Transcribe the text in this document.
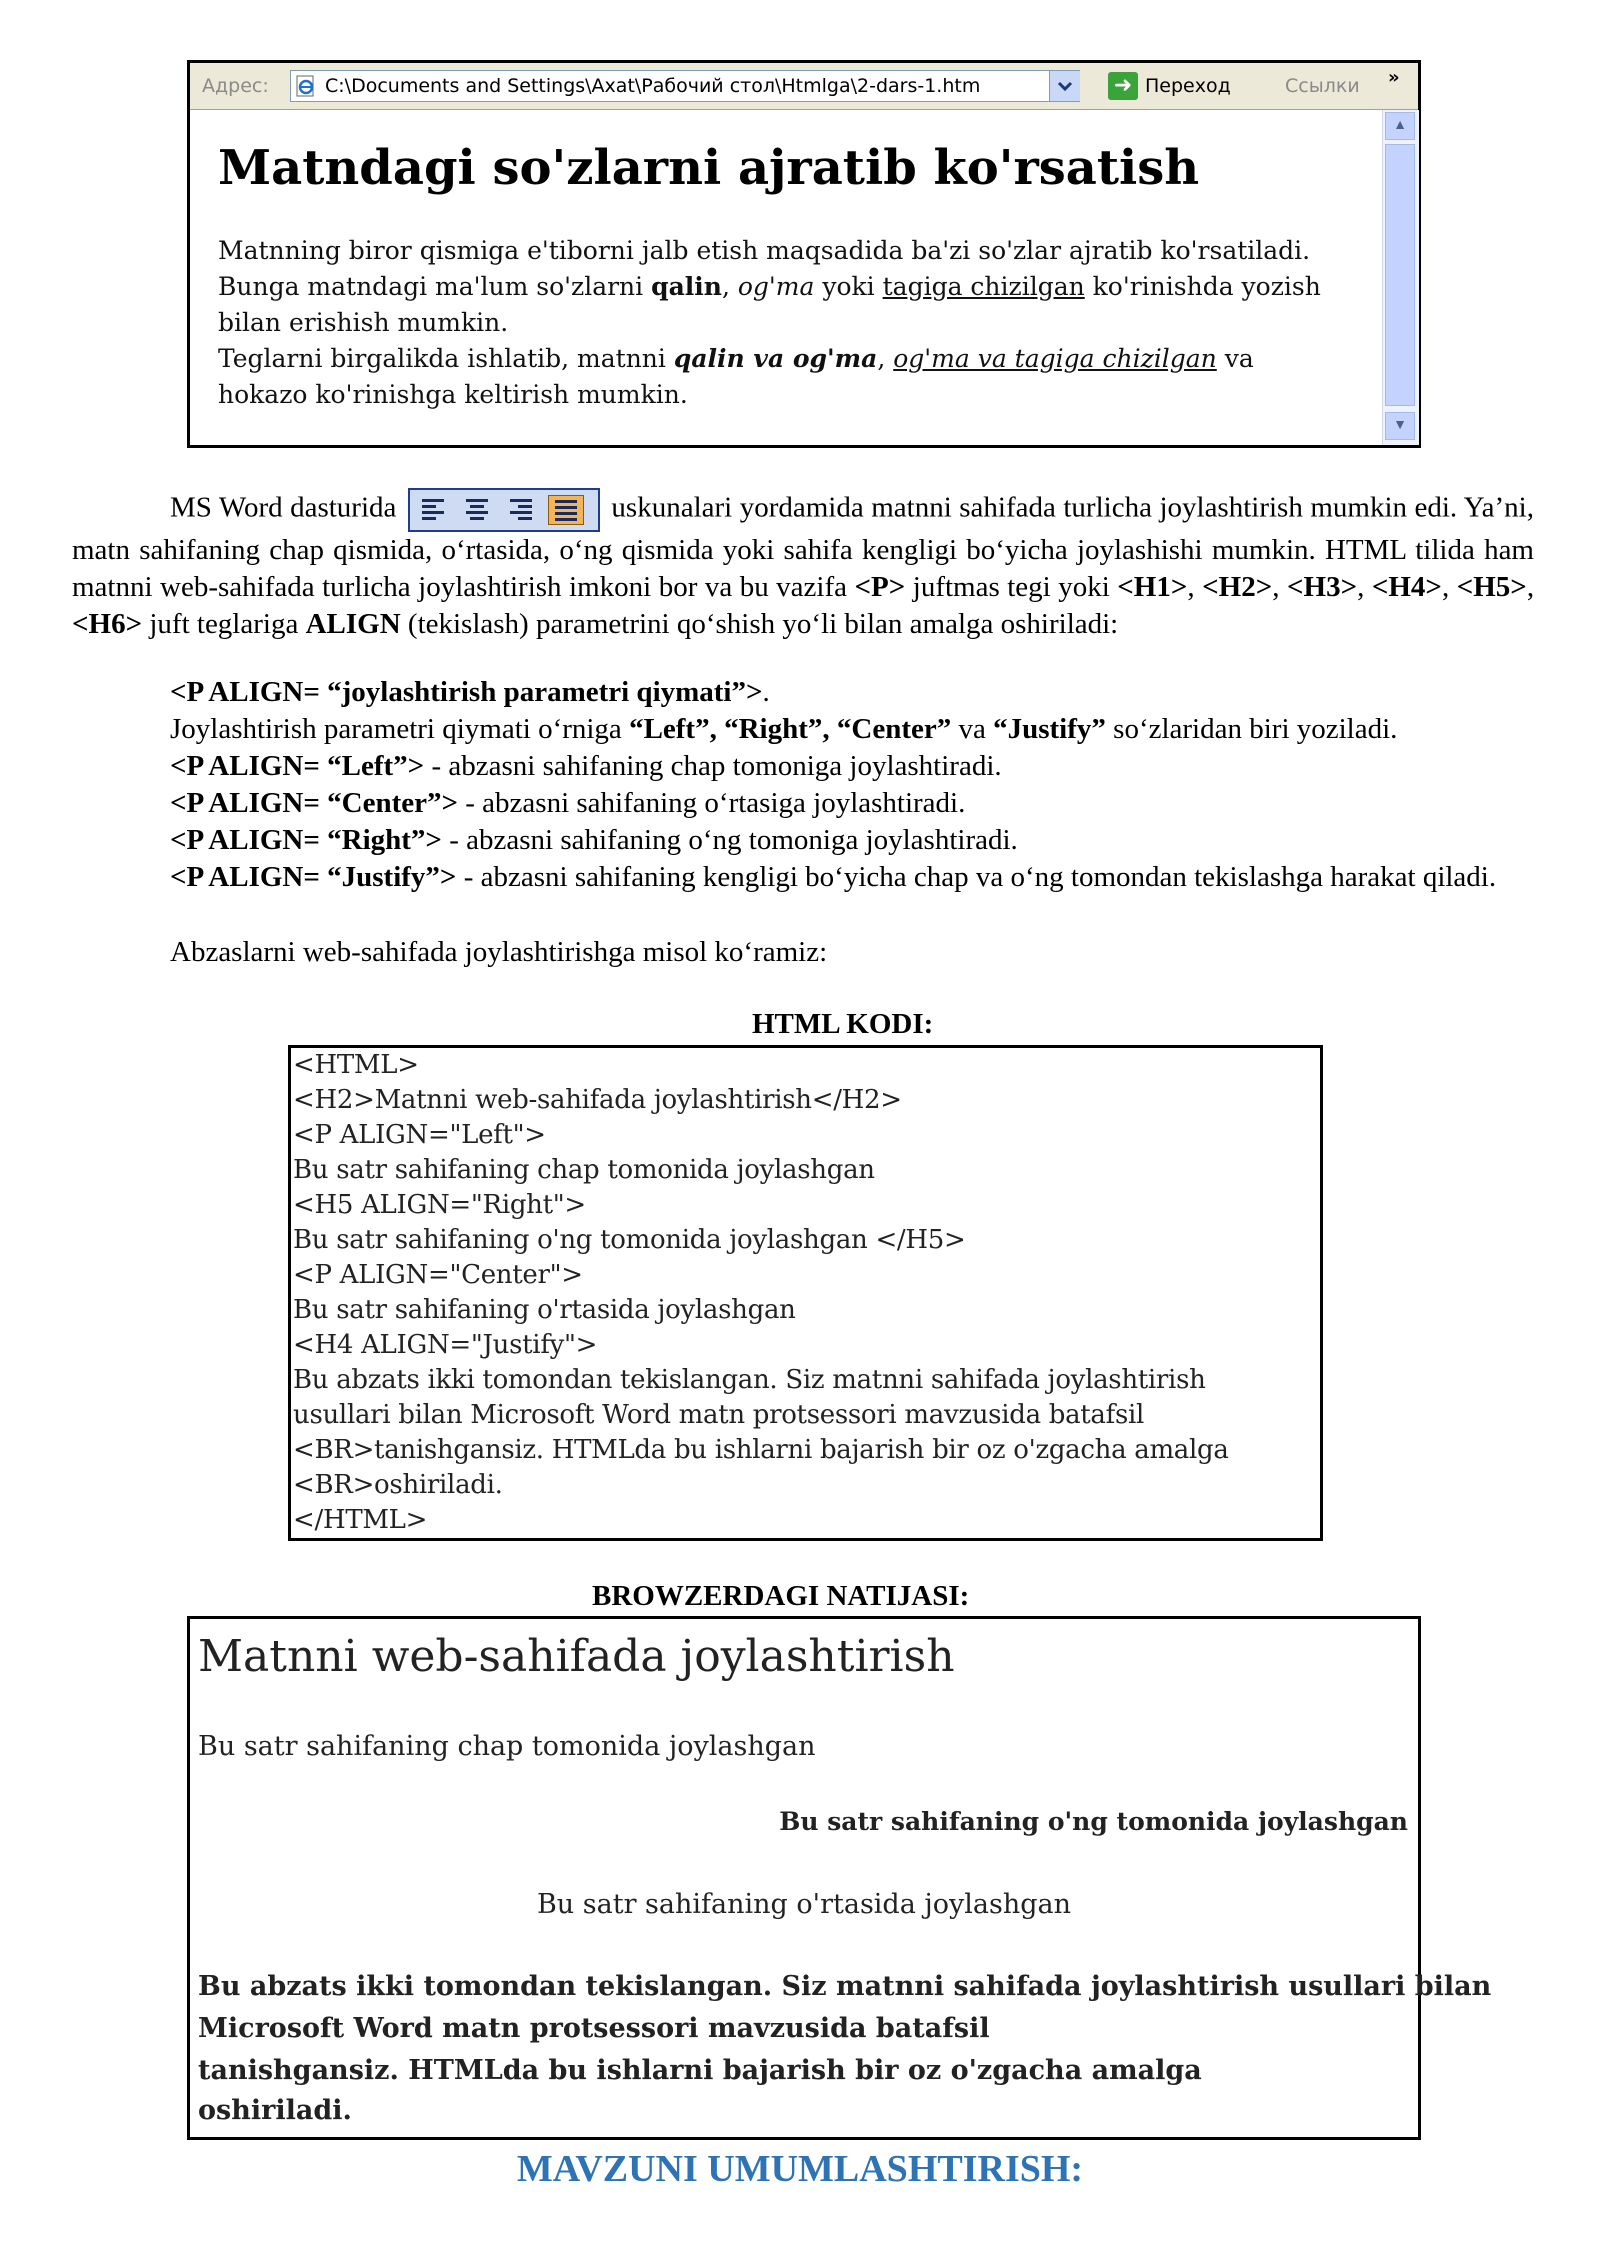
Адрес:	C:\Documents and Settings\Axat\Рабочий стол\Htmlga\2-dars-1.htm	➜ Переход	Ссылки »
Matndagi so'zlarni ajratib ko'rsatish
Matnning biror qismiga e'tiborni jalb etish maqsadida ba'zi so'zlar ajratib ko'rsatiladi.
Bunga matndagi ma'lum so'zlarni qalin, og'ma yoki tagiga chizilgan ko'rinishda yozish
bilan erishish mumkin.
Teglarni birgalikda ishlatib, matnni qalin va og'ma, og'ma va tagiga chizilgan va
hokazo ko'rinishga keltirish mumkin.
▲
▼
MS Word dasturida	uskunalari yordamida matnni sahifada turlicha joylashtirish mumkin edi. Ya’ni, matn sahifaning chap qismida, o‘rtasida, o‘ng qismida yoki sahifa kengligi bo‘yicha joylashishi mumkin. HTML tilida ham matnni web-sahifada turlicha joylashtirish imkoni bor va bu vazifa <P> juftmas tegi yoki <H1>, <H2>, <H3>, <H4>, <H5>, <H6> juft teglariga ALIGN (tekislash) parametrini qo‘shish yo‘li bilan amalga oshiriladi:
<P ALIGN= “joylashtirish parametri qiymati”>.
Joylashtirish parametri qiymati o‘rniga “Left”, “Right”, “Center” va “Justify” so‘zlaridan biri yoziladi.
<P ALIGN= “Left”> - abzasni sahifaning chap tomoniga joylashtiradi.
<P ALIGN= “Center”> - abzasni sahifaning o‘rtasiga joylashtiradi.
<P ALIGN= “Right”> - abzasni sahifaning o‘ng tomoniga joylashtiradi.
<P ALIGN= “Justify”> - abzasni sahifaning kengligi bo‘yicha chap va o‘ng tomondan tekislashga harakat qiladi.
Abzaslarni web-sahifada joylashtirishga misol ko‘ramiz:
HTML KODI:
<HTML>
<H2>Matnni web-sahifada joylashtirish</H2>
<P ALIGN="Left">
Bu satr sahifaning chap tomonida joylashgan
<H5 ALIGN="Right">
Bu satr sahifaning o'ng tomonida joylashgan </H5>
<P ALIGN="Center">
Bu satr sahifaning o'rtasida joylashgan
<H4 ALIGN="Justify">
Bu abzats ikki tomondan tekislangan. Siz matnni sahifada joylashtirish
usullari bilan Microsoft Word matn protsessori mavzusida batafsil
<BR>tanishgansiz. HTMLda bu ishlarni bajarish bir oz o'zgacha amalga
<BR>oshiriladi.
</HTML>
BROWZERDAGI NATIJASI:
Matnni web-sahifada joylashtirish
Bu satr sahifaning chap tomonida joylashgan
Bu satr sahifaning o'ng tomonida joylashgan
Bu satr sahifaning o'rtasida joylashgan
Bu abzats ikki tomondan tekislangan. Siz matnni sahifada joylashtirish usullari bilan
Microsoft Word matn protsessori mavzusida batafsil
tanishgansiz. HTMLda bu ishlarni bajarish bir oz o'zgacha amalga
oshiriladi.
MAVZUNI UMUMLASHTIRISH:
